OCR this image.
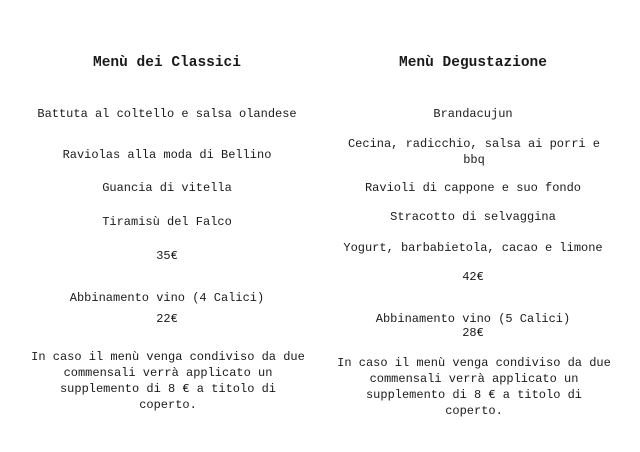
Menù dei Classici
Battuta al coltello e salsa olandese
Raviolas alla moda di Bellino
Guancia di vitella
Tiramisù del Falco
35€
Abbinamento vino (4 Calici)
22€
In caso il menù venga condiviso da due commensali verrà applicato un supplemento di 8 € a titolo di coperto.
Menù Degustazione
Brandacujun
Cecina, radicchio, salsa ai porri e bbq
Ravioli di cappone e suo fondo
Stracotto di selvaggina
Yogurt, barbabietola, cacao e limone
42€
Abbinamento vino (5 Calici)
28€
In caso il menù venga condiviso da due commensali verrà applicato un supplemento di 8 € a titolo di coperto.
